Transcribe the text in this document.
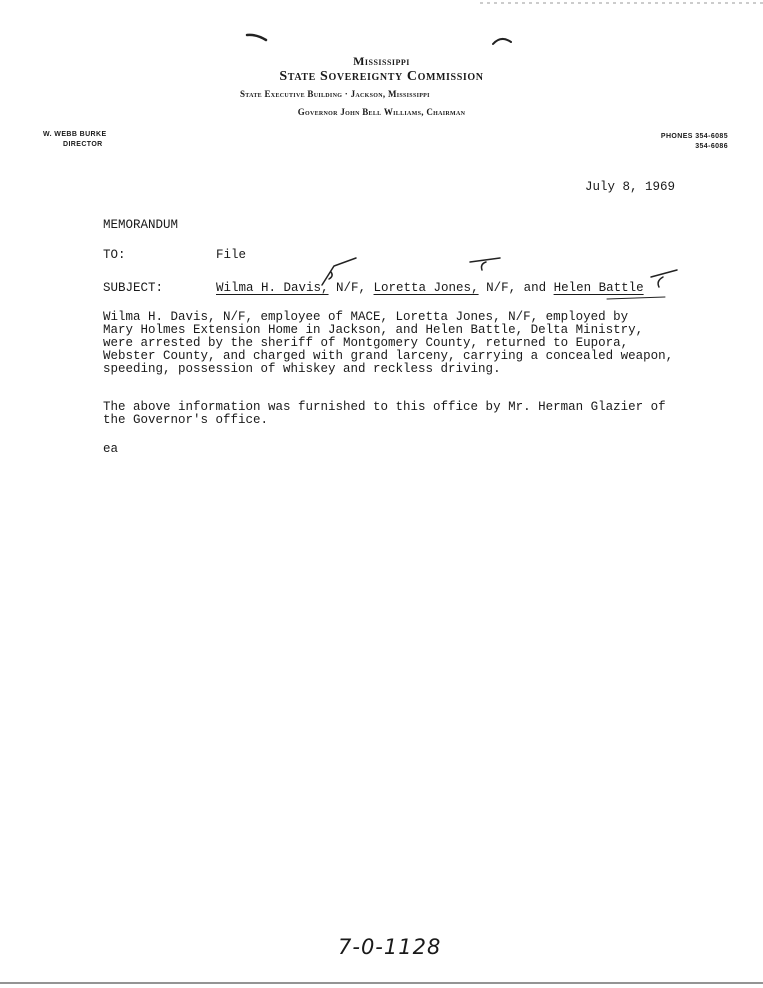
Mississippi
State Sovereignty Commission
State Executive Building · Jackson, Mississippi
Governor John Bell Williams, Chairman
W. WEBB BURKE
DIRECTOR
PHONES 354-6085
354-6086
July 8, 1969
MEMORANDUM
TO:	File
SUBJECT:	Wilma H. Davis, N/F, Loretta Jones, N/F, and Helen Battle
Wilma H. Davis, N/F, employee of MACE, Loretta Jones, N/F, employed by
Mary Holmes Extension Home in Jackson, and Helen Battle, Delta Ministry,
were arrested by the sheriff of Montgomery County, returned to Eupora,
Webster County, and charged with grand larceny, carrying a concealed weapon,
speeding, possession of whiskey and reckless driving.
The above information was furnished to this office by Mr. Herman Glazier of
the Governor's office.
ea
7-0-1128
